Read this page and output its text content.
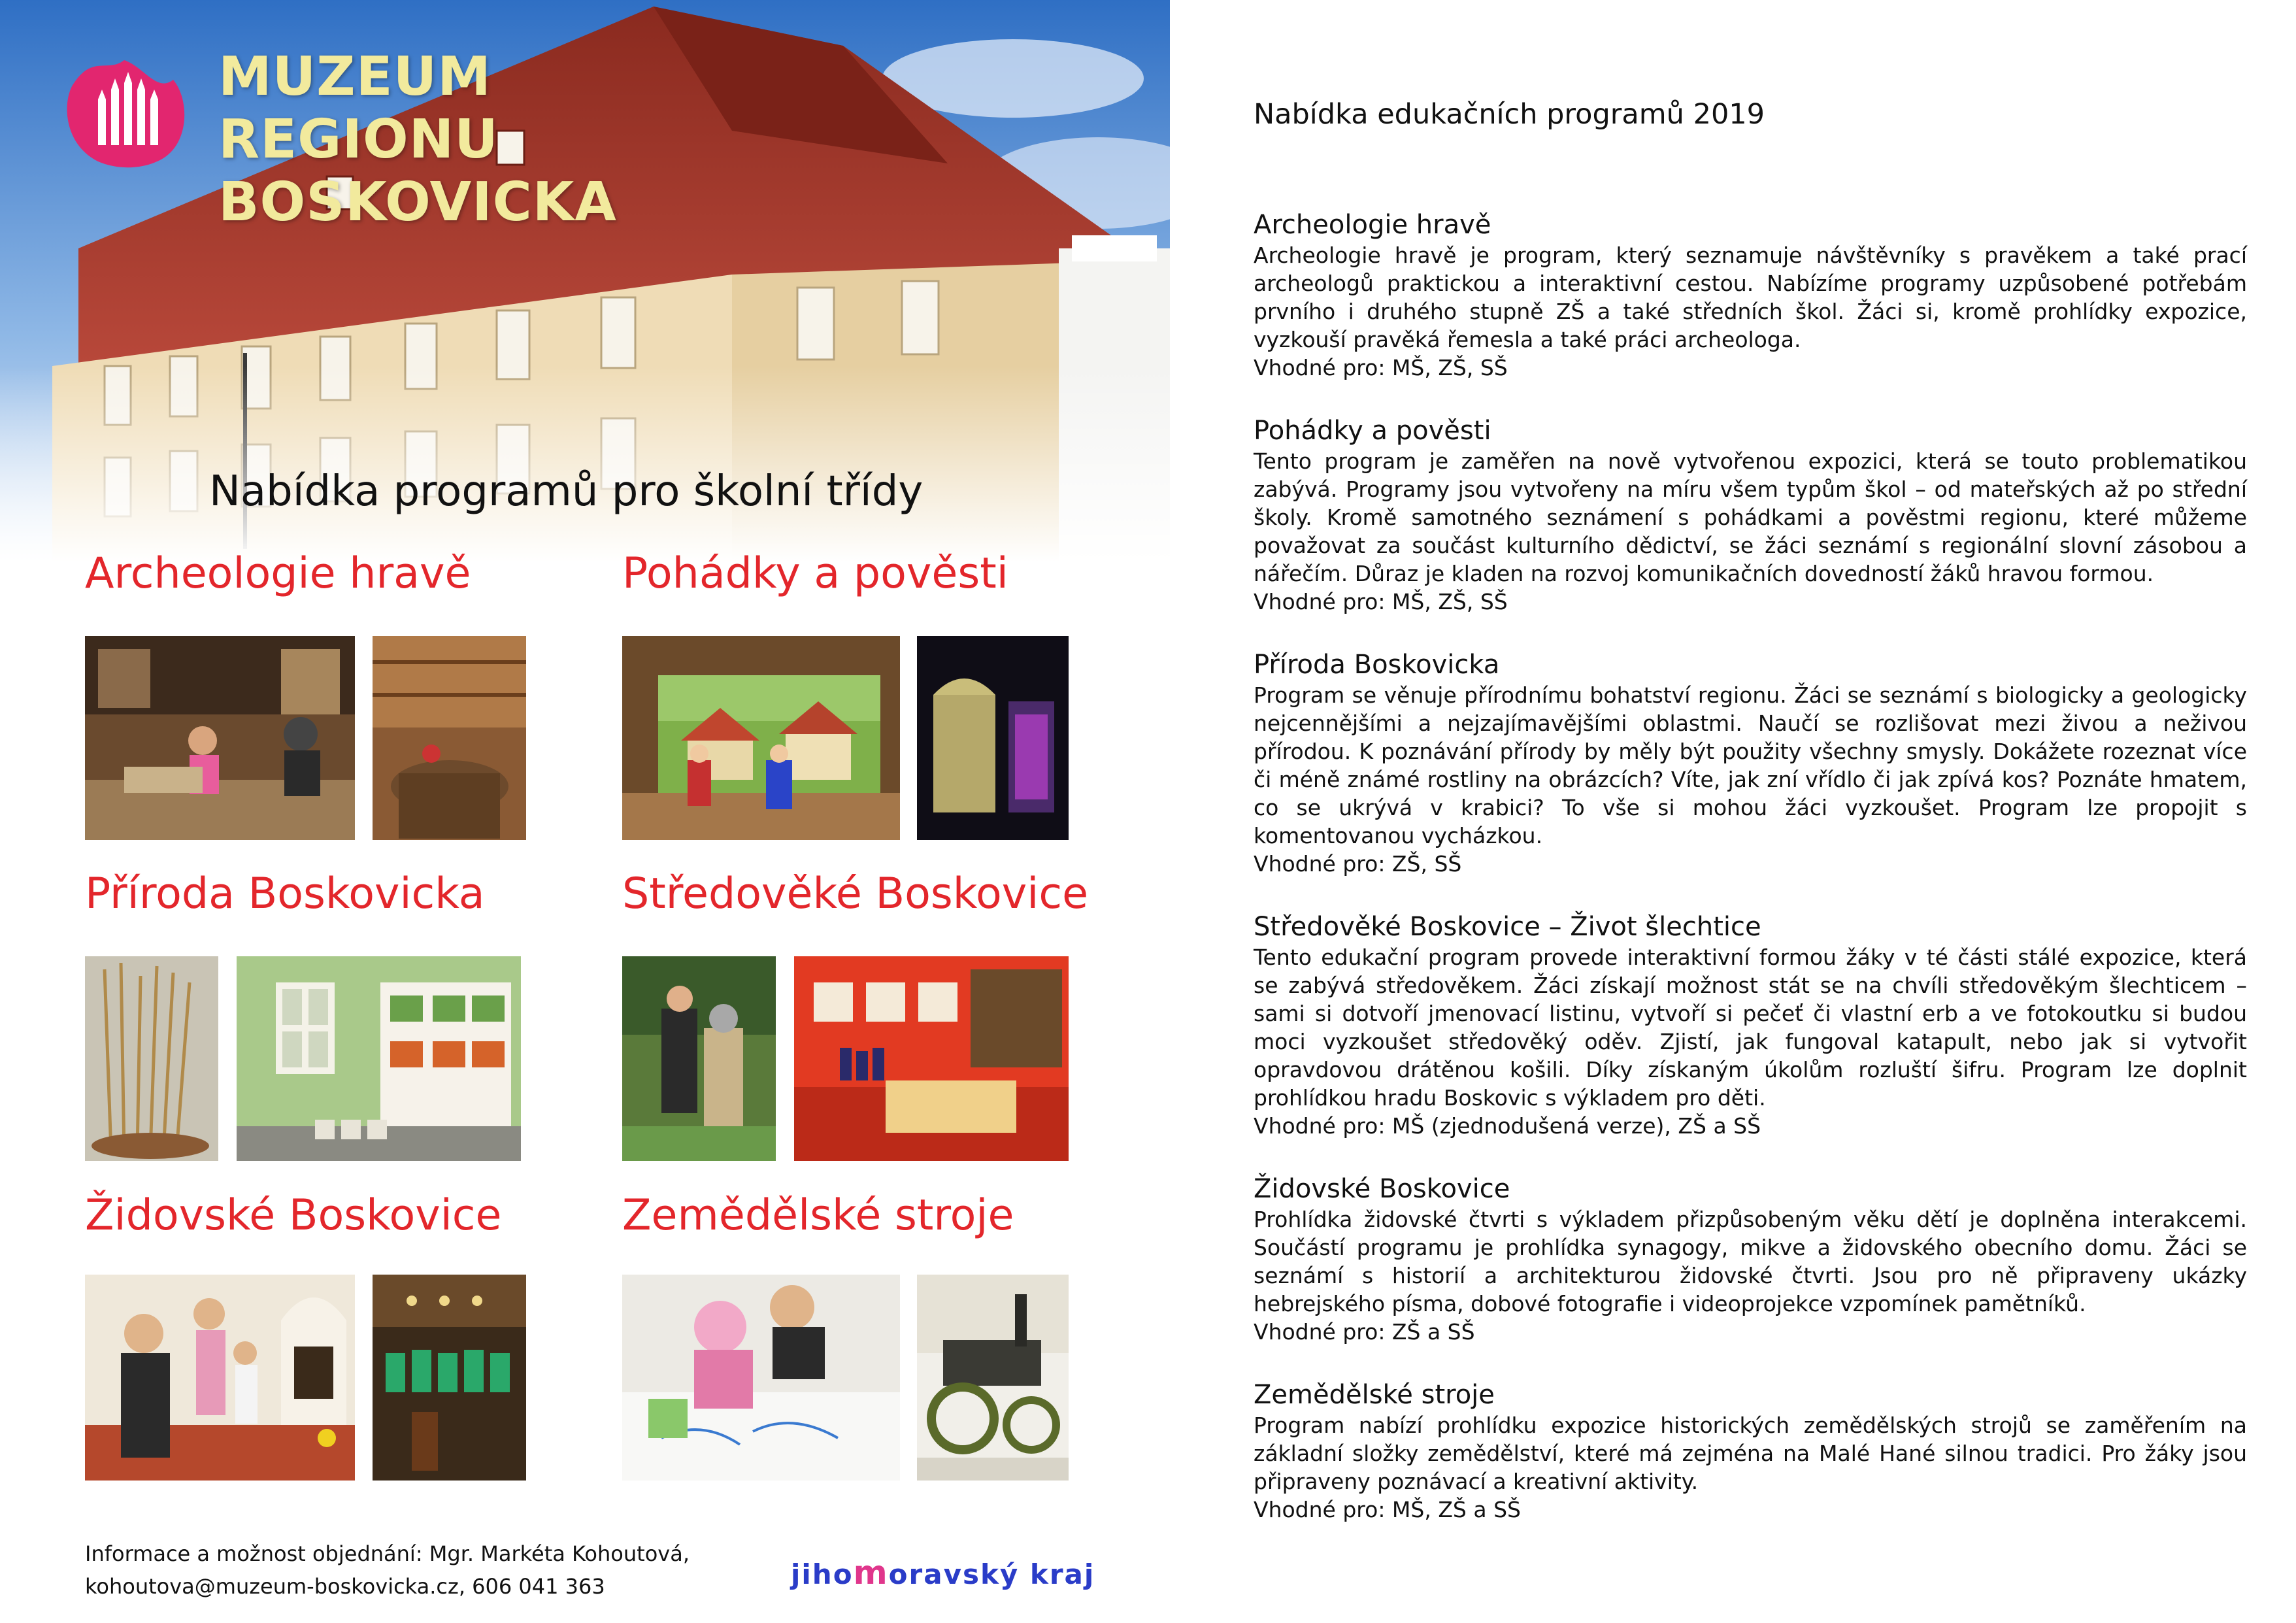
MUZEUM
REGIONU
BOSKOVICKA
Nabídka programů pro školní třídy
Archeologie hravě	Pohádky a pověsti
Příroda Boskovicka	Středověké Boskovice
Židovské Boskovice	Zemědělské stroje
Informace a možnost objednání: Mgr. Markéta Kohoutová,
kohoutova@muzeum-boskovicka.cz, 606 041 363	jihomoravský kraj
Nabídka edukačních programů 2019
Archeologie hravě

Archeologie hravě je program, který seznamuje návštěvníky s pravěkem a také prací archeologů praktickou a interaktivní cestou. Nabízíme programy uzpůsobené potřebám prvního i druhého stupně ZŠ a také středních škol. Žáci si, kromě prohlídky expozice, vyzkouší pravěká řemesla a také práci archeologa.

Vhodné pro: MŠ, ZŠ, SŠ

Pohádky a pověsti

Tento program je zaměřen na nově vytvořenou expozici, která se touto problematikou zabývá. Programy jsou vytvořeny na míru všem typům škol – od mateřských až po střední školy. Kromě samotného seznámení s pohádkami a pověstmi regionu, které můžeme považovat za součást kulturního dědictví, se žáci seznámí s regionální slovní zásobou a nářečím. Důraz je kladen na rozvoj komunikačních dovedností žáků hravou formou.

Vhodné pro: MŠ, ZŠ, SŠ

Příroda Boskovicka

Program se věnuje přírodnímu bohatství regionu. Žáci se seznámí s biologicky a geologicky nejcennějšími a nejzajímavějšími oblastmi. Naučí se rozlišovat mezi živou a neživou přírodou. K poznávání přírody by měly být použity všechny smysly. Dokážete rozeznat více či méně známé rostliny na obrázcích? Víte, jak zní vřídlo či jak zpívá kos? Poznáte hmatem, co se ukrývá v krabici? To vše si mohou žáci vyzkoušet. Program lze propojit s komentovanou vycházkou.

Vhodné pro: ZŠ, SŠ

Středověké Boskovice – Život šlechtice

Tento edukační program provede interaktivní formou žáky v té části stálé expozice, která se zabývá středověkem. Žáci získají možnost stát se na chvíli středověkým šlechticem – sami si dotvoří jmenovací listinu, vytvoří si pečeť či vlastní erb a ve fotokoutku si budou moci vyzkoušet středověký oděv. Zjistí, jak fungoval katapult, nebo jak si vytvořit opravdovou drátěnou košili. Díky získaným úkolům rozluští šifru. Program lze doplnit prohlídkou hradu Boskovic s výkladem pro děti.

Vhodné pro: MŠ (zjednodušená verze), ZŠ a SŠ

Židovské Boskovice

Prohlídka židovské čtvrti s výkladem přizpůsobeným věku dětí je doplněna interakcemi. Součástí programu je prohlídka synagogy, mikve a židovského obecního domu. Žáci se seznámí s historií a architekturou židovské čtvrti. Jsou pro ně připraveny ukázky hebrejského písma, dobové fotografie i videoprojekce vzpomínek pamětníků.

Vhodné pro: ZŠ a SŠ

Zemědělské stroje

Program nabízí prohlídku expozice historických zemědělských strojů se zaměřením na základní složky zemědělství, které má zejména na Malé Hané silnou tradici. Pro žáky jsou připraveny poznávací a kreativní aktivity.

Vhodné pro: MŠ, ZŠ a SŠ
